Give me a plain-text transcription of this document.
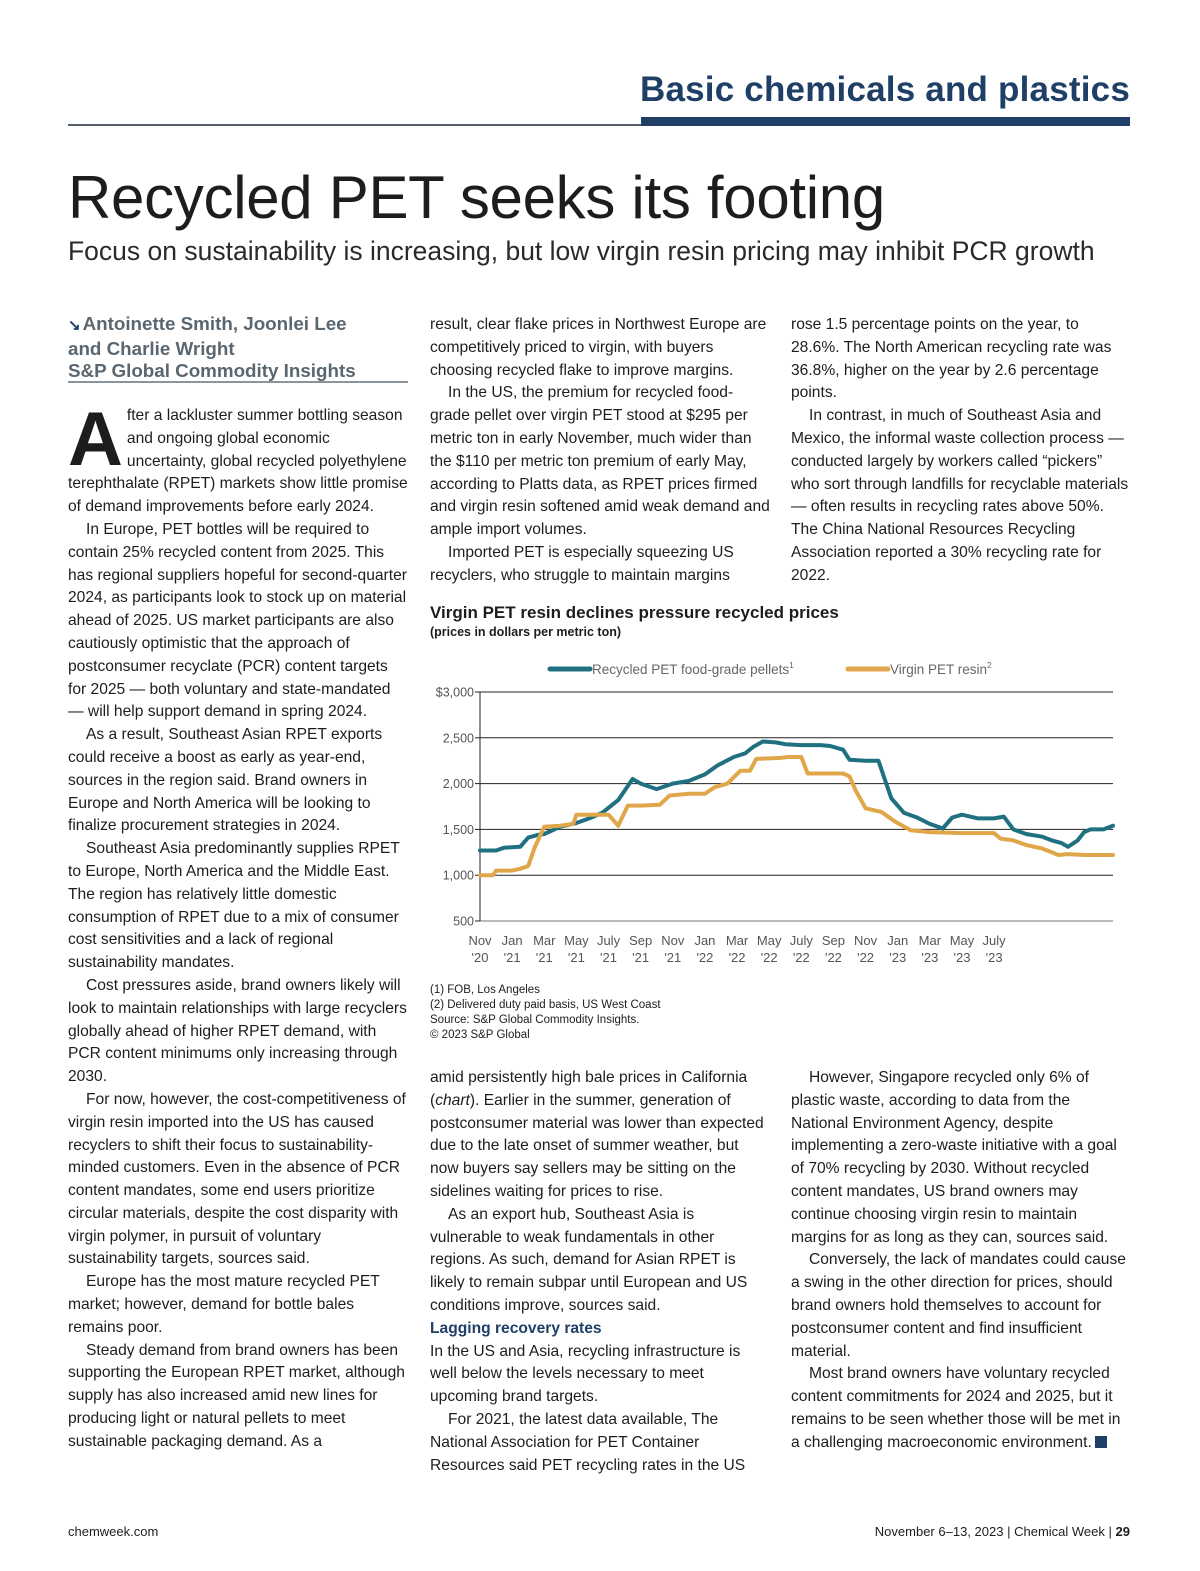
Basic chemicals and plastics
Recycled PET seeks its footing
Focus on sustainability is increasing, but low virgin resin pricing may inhibit PCR growth
↘ Antoinette Smith, Joonlei Lee
and Charlie Wright
S&P Global Commodity Insights

After a lackluster summer bottling season and ongoing global economic uncertainty, global recycled polyethylene terephthalate (RPET) markets show little promise of demand improvements before early 2024.

In Europe, PET bottles will be required to contain 25% recycled content from 2025. This has regional suppliers hopeful for second-quarter 2024, as participants look to stock up on material ahead of 2025. US market participants are also cautiously optimistic that the approach of postconsumer recyclate (PCR) content targets for 2025 — both voluntary and state-mandated — will help support demand in spring 2024.

As a result, Southeast Asian RPET exports could receive a boost as early as year-end, sources in the region said. Brand owners in Europe and North America will be looking to finalize procurement strategies in 2024.

Southeast Asia predominantly supplies RPET to Europe, North America and the Middle East. The region has relatively little domestic consumption of RPET due to a mix of consumer cost sensitivities and a lack of regional sustainability mandates.

Cost pressures aside, brand owners likely will look to maintain relationships with large recyclers globally ahead of higher RPET demand, with PCR content minimums only increasing through 2030.

For now, however, the cost-competitiveness of virgin resin imported into the US has caused recyclers to shift their focus to sustainability-minded customers. Even in the absence of PCR content mandates, some end users prioritize circular materials, despite the cost disparity with virgin polymer, in pursuit of voluntary sustainability targets, sources said.

Europe has the most mature recycled PET market; however, demand for bottle bales remains poor.

Steady demand from brand owners has been supporting the European RPET market, although supply has also increased amid new lines for producing light or natural pellets to meet sustainable packaging demand. As a

result, clear flake prices in Northwest Europe are competitively priced to virgin, with buyers choosing recycled flake to improve margins.

In the US, the premium for recycled food-grade pellet over virgin PET stood at $295 per metric ton in early November, much wider than the $110 per metric ton premium of early May, according to Platts data, as RPET prices firmed and virgin resin softened amid weak demand and ample import volumes.

Imported PET is especially squeezing US recyclers, who struggle to maintain margins

rose 1.5 percentage points on the year, to 28.6%. The North American recycling rate was 36.8%, higher on the year by 2.6 percentage points.

In contrast, in much of Southeast Asia and Mexico, the informal waste collection process — conducted largely by workers called “pickers” who sort through landfills for recyclable materials — often results in recycling rates above 50%. The China National Resources Recycling Association reported a 30% recycling rate for 2022.

Virgin PET resin declines pressure recycled prices
(prices in dollars per metric ton)
500
1,000
1,500
2,000
2,500
$3,000
Nov
'20
Jan
'21
Mar
'21
May
'21
July
'21
Sep
'21
Nov
'21
Jan
'22
Mar
'22
May
'22
July
'22
Sep
'22
Nov
'22
Jan
'23
Mar
'23
May
'23
July
'23
Recycled PET food-grade pellets$^1$	Virgin PET resin$^2$
(1) FOB, Los Angeles
(2) Delivered duty paid basis, US West Coast
Source: S&P Global Commodity Insights.
© 2023 S&P Global

amid persistently high bale prices in California (chart). Earlier in the summer, generation of postconsumer material was lower than expected due to the late onset of summer weather, but now buyers say sellers may be sitting on the sidelines waiting for prices to rise.

As an export hub, Southeast Asia is vulnerable to weak fundamentals in other regions. As such, demand for Asian RPET is likely to remain subpar until European and US conditions improve, sources said.

Lagging recovery rates

In the US and Asia, recycling infrastructure is well below the levels necessary to meet upcoming brand targets.

For 2021, the latest data available, The National Association for PET Container Resources said PET recycling rates in the US

However, Singapore recycled only 6% of plastic waste, according to data from the National Environment Agency, despite implementing a zero-waste initiative with a goal of 70% recycling by 2030. Without recycled content mandates, US brand owners may continue choosing virgin resin to maintain margins for as long as they can, sources said.

Conversely, the lack of mandates could cause a swing in the other direction for prices, should brand owners hold themselves to account for postconsumer content and find insufficient material.

Most brand owners have voluntary recycled content commitments for 2024 and 2025, but it remains to be seen whether those will be met in a challenging macroeconomic environment.

chemweek.com	November 6–13, 2023 | Chemical Week | 29
